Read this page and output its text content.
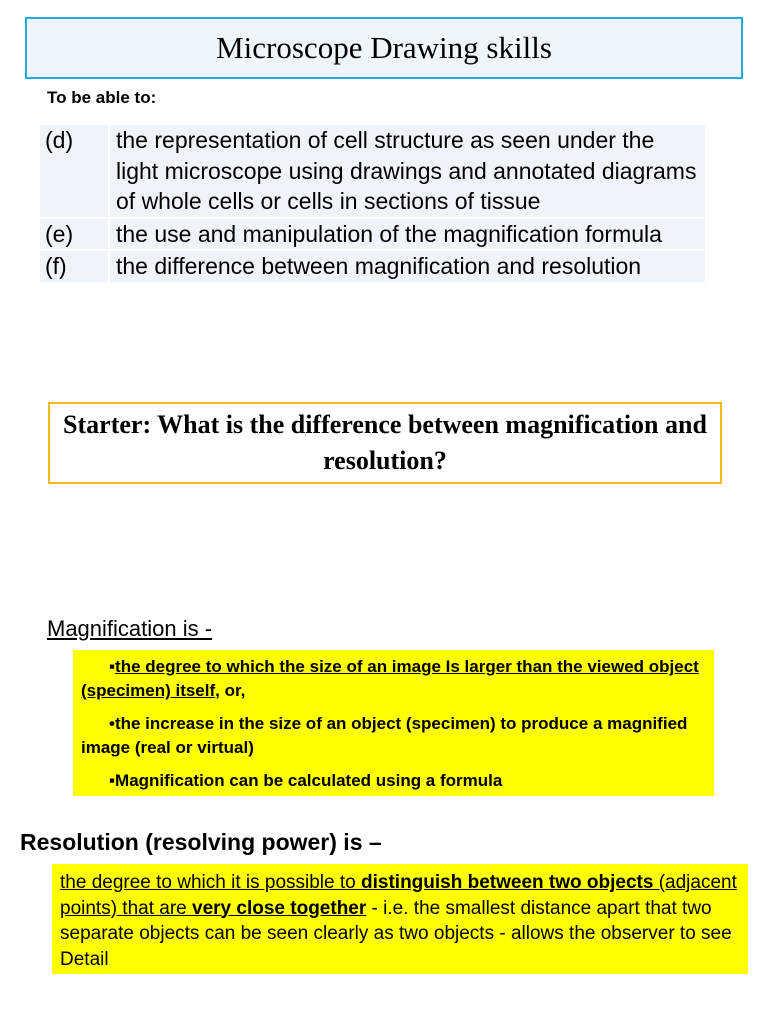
Microscope Drawing skills
To be able to:
(d)	the representation of cell structure as seen under the light microscope using drawings and annotated diagrams of whole cells or cells in sections of tissue
(e)	the use and manipulation of the magnification formula
(f)	the difference between magnification and resolution
Starter: What is the difference between magnification and resolution?
Magnification is -

▪the degree to which the size of an image Is larger than the viewed object (specimen) itself, or,

•the increase in the size of an object (specimen) to produce a magnified image (real or virtual)

▪Magnification can be calculated using a formula

Resolution (resolving power) is –
the degree to which it is possible to distinguish between two objects (adjacent points) that are very close together - i.e. the smallest distance apart that two separate objects can be seen clearly as two objects - allows the observer to see Detail
